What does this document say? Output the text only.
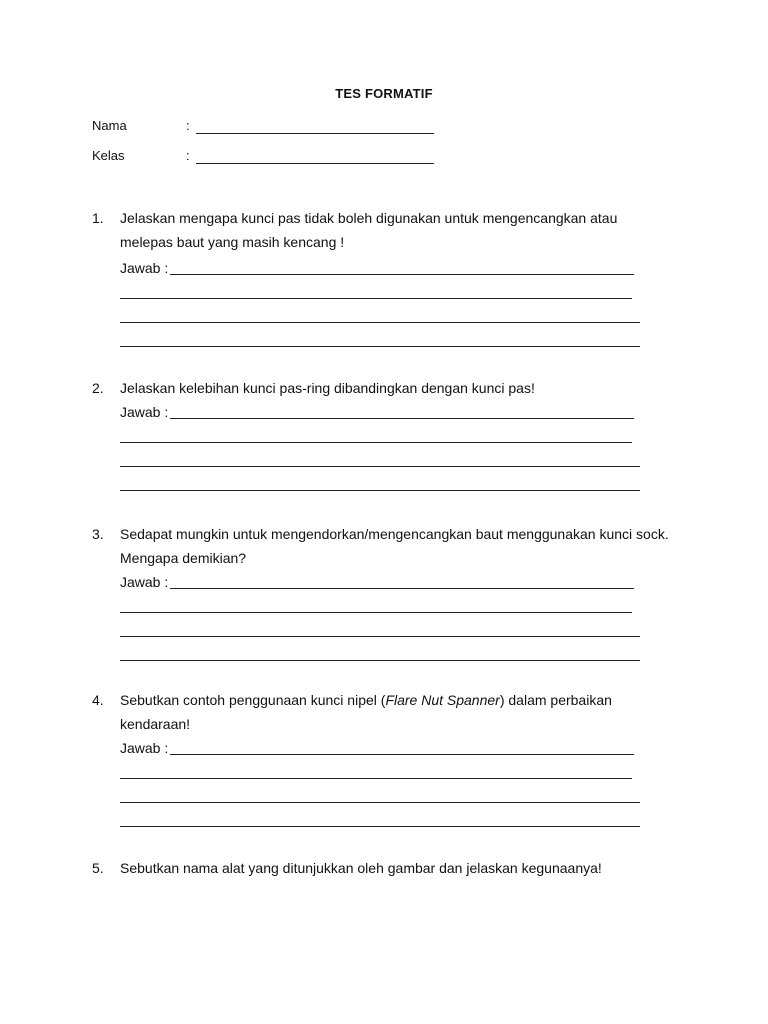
TES FORMATIF
Nama	:
Kelas	:
1. Jelaskan mengapa kunci pas tidak boleh digunakan untuk mengencangkan atau
melepas baut yang masih kencang !
Jawab :
2. Jelaskan kelebihan kunci pas-ring dibandingkan dengan kunci pas!
Jawab :
3. Sedapat mungkin untuk mengendorkan/mengencangkan baut menggunakan kunci sock.
Mengapa demikian?
Jawab :
4. Sebutkan contoh penggunaan kunci nipel (Flare Nut Spanner) dalam perbaikan
kendaraan!
Jawab :
5. Sebutkan nama alat yang ditunjukkan oleh gambar dan jelaskan kegunaanya!
